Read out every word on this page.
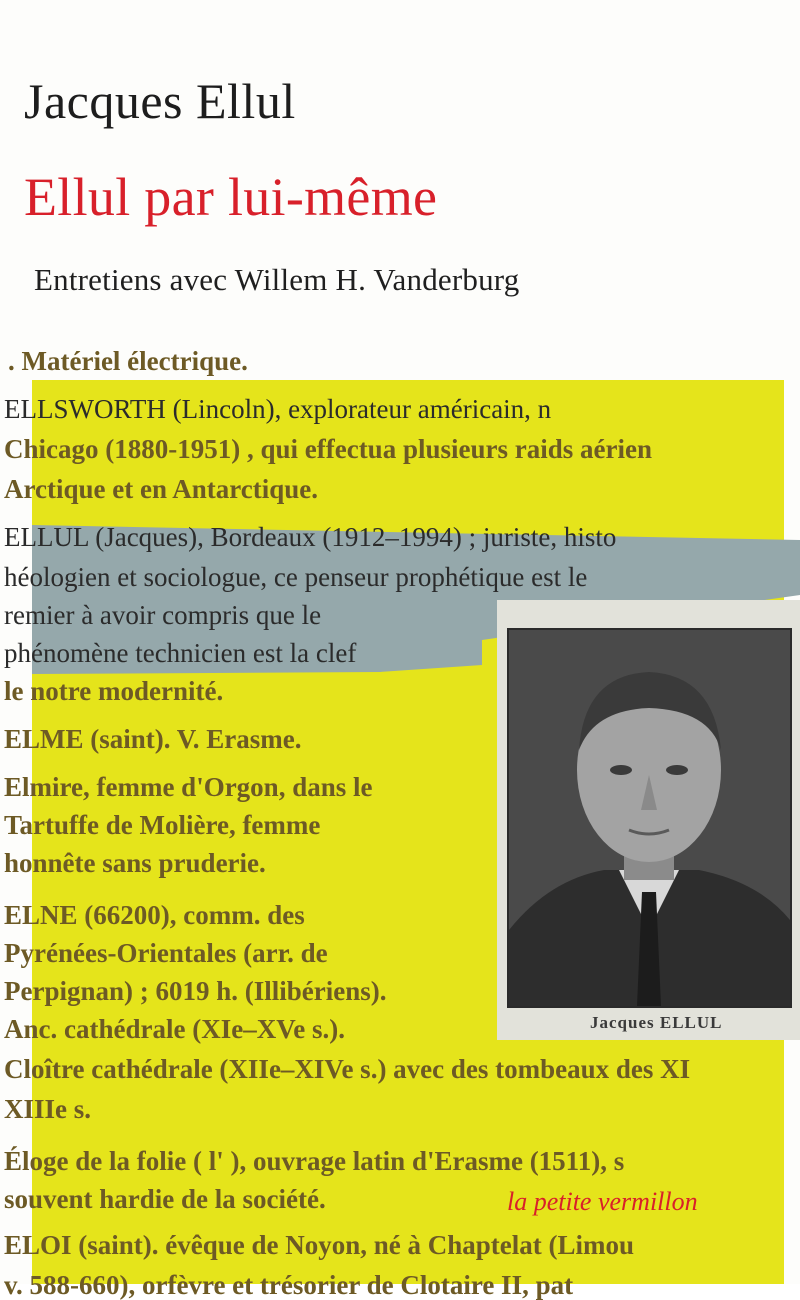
Jacques Ellul
Ellul par lui-même
Entretiens avec Willem H. Vanderburg
. Matériel électrique.
ELLSWORTH (Lincoln), explorateur américain, n
Chicago (1880-1951) , qui effectua plusieurs raids aérien
Arctique et en Antarctique.
ELLUL (Jacques), Bordeaux (1912–1994) ; juriste, histo
héologien et sociologue, ce penseur prophétique est le
remier à avoir compris que le
phénomène technicien est la clef
le notre modernité.
ELME (saint). V. Erasme.
Elmire, femme d'Orgon, dans le
Tartuffe de Molière, femme
honnête sans pruderie.
ELNE (66200), comm. des
Pyrénées-Orientales (arr. de
Perpignan) ; 6019 h. (Illibériens).
Anc. cathédrale (XIe–XVe s.).
Cloître cathédrale (XIIe–XIVe s.) avec des tombeaux des XI
XIIIe s.
Éloge de la folie ( l' ), ouvrage latin d'Erasme (1511), s
souvent hardie de la société.
ELOI (saint). évêque de Noyon, né à Chaptelat (Limou
v. 588-660), orfèvre et trésorier de Clotaire II, pat
Jacques ELLUL
la petite vermillon
